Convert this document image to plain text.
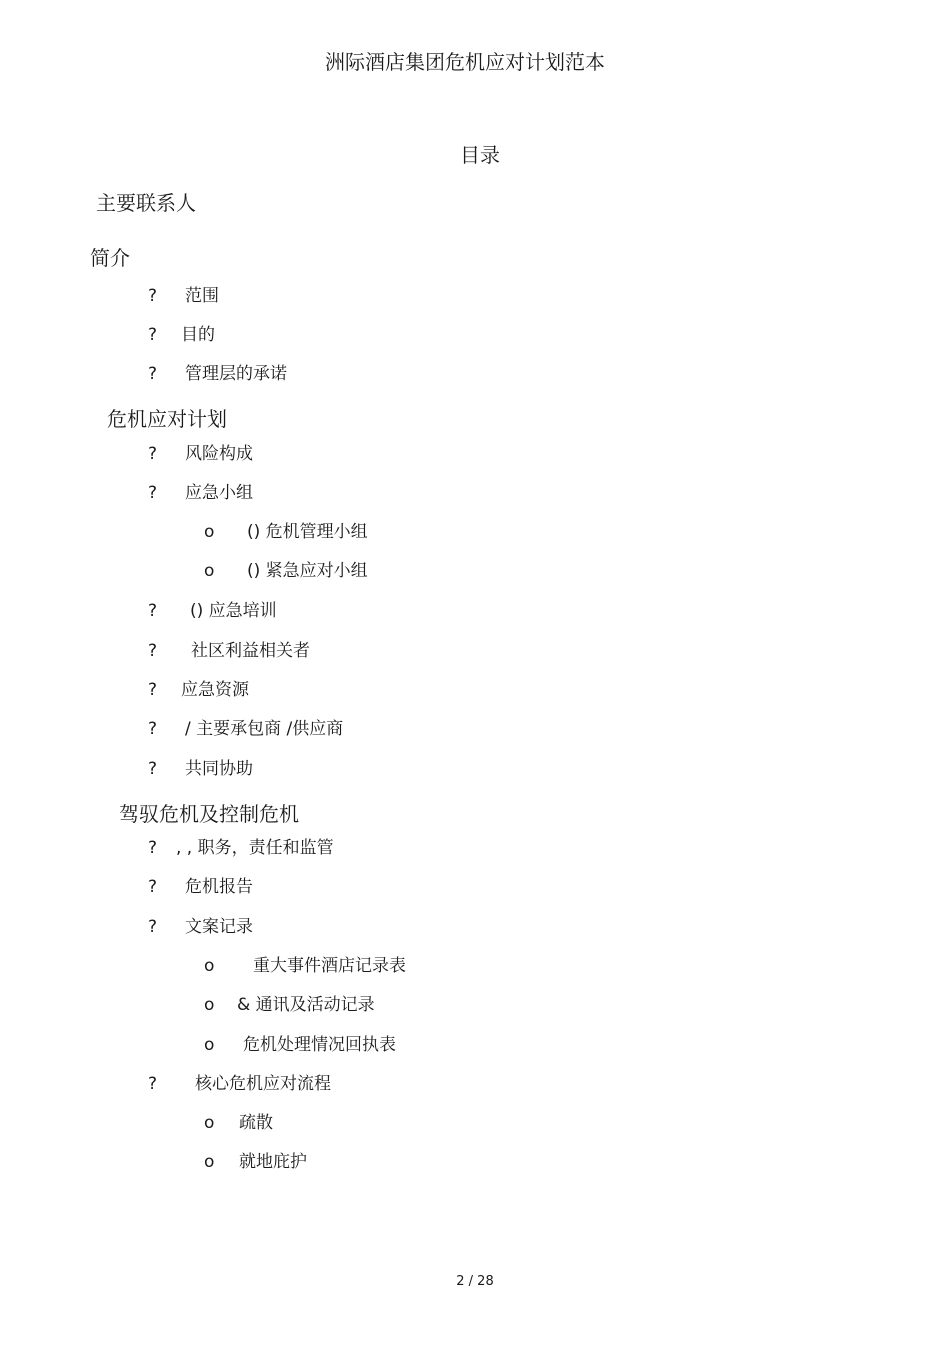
洲际酒店集团危机应对计划范本
目录
主要联系人
简介
? 范围
? 目的
? 管理层的承诺
危机应对计划
? 风险构成
? 应急小组
o () 危机管理小组
o () 紧急应对小组
? () 应急培训
? 社区利益相关者
? 应急资源
? / 主要承包商 /供应商
? 共同协助
驾驭危机及控制危机
? , , 职务，责任和监管
? 危机报告
? 文案记录
o 重大事件酒店记录表
o & 通讯及活动记录
o 危机处理情况回执表
? 核心危机应对流程
o 疏散
o 就地庇护
2 / 28
